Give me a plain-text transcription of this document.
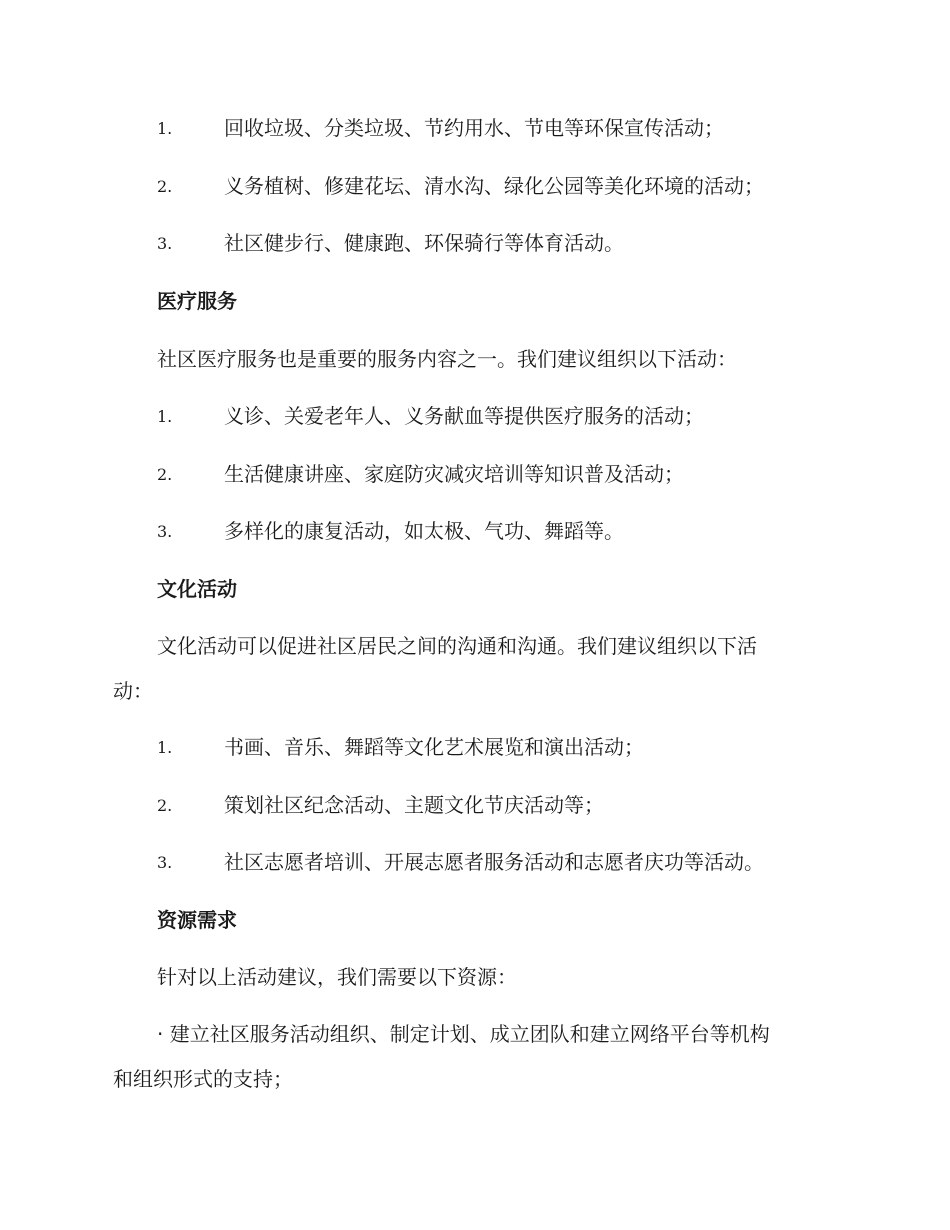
1.	回收垃圾、分类垃圾、节约用水、节电等环保宣传活动；
2.	义务植树、修建花坛、清水沟、绿化公园等美化环境的活动；
3.	社区健步行、健康跑、环保骑行等体育活动。
医疗服务
社区医疗服务也是重要的服务内容之一。我们建议组织以下活动：
1.	义诊、关爱老年人、义务献血等提供医疗服务的活动；
2.	生活健康讲座、家庭防灾减灾培训等知识普及活动；
3.	多样化的康复活动，如太极、气功、舞蹈等。
文化活动
文化活动可以促进社区居民之间的沟通和沟通。我们建议组织以下活
动：
1.	书画、音乐、舞蹈等文化艺术展览和演出活动；
2.	策划社区纪念活动、主题文化节庆活动等；
3.	社区志愿者培训、开展志愿者服务活动和志愿者庆功等活动。
资源需求
针对以上活动建议，我们需要以下资源：
· 建立社区服务活动组织、制定计划、成立团队和建立网络平台等机构
和组织形式的支持；
